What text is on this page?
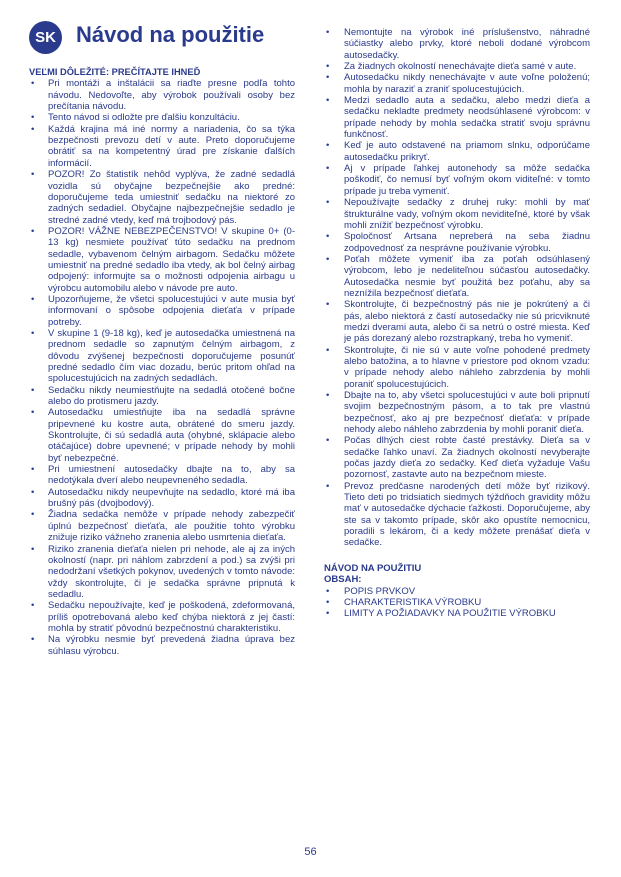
SK Návod na použitie

VEĽMI DÔLEŽITÉ: PREČÍTAJTE IHNEĎ

• Pri montáži a inštalácii sa riaďte presne podľa tohto návodu. Nedovoľte, aby výrobok používali osoby bez prečítania návodu.
• Tento návod si odložte pre ďalšiu konzultáciu.
• Každá krajina má iné normy a nariadenia, čo sa týka bezpečnosti prevozu detí v aute. Preto doporučujeme obrátiť sa na kompetentný úrad pre získanie ďalších informácií.
• POZOR! Zo štatistík nehôd vyplýva, že zadné sedadlá vozidla sú obyčajne bezpečnejšie ako predné: doporučujeme teda umiestniť sedačku na niektoré zo zadných sedadiel. Obyčajne najbezpečnejšie sedadlo je stredné zadné vtedy, keď má trojbodový pás.
• POZOR! VÁŽNE NEBEZPEČENSTVO! V skupine 0+ (0-13 kg) nesmiete používať túto sedačku na prednom sedadle, vybavenom čelným airbagom. Sedačku môžete umiestniť na predné sedadlo iba vtedy, ak bol čelný airbag odpojený: informujte sa o možnosti odpojenia airbagu u výrobcu automobilu alebo v návode pre auto.
• Upozorňujeme, že všetci spolucestujúci v aute musia byť informovaní o spôsobe odpojenia dieťaťa v prípade potreby.
• V skupine 1 (9-18 kg), keď je autosedačka umiestnená na prednom sedadle so zapnutým čelným airbagom, z dôvodu zvýšenej bezpečnosti doporučujeme posunúť predné sedadlo čím viac dozadu, berúc pritom ohľad na spolucestujúcich na zadných sedadlách.
• Sedačku nikdy neumiestňujte na sedadlá otočené bočne alebo do protismeru jazdy.
• Autosedačku umiestňujte iba na sedadlá správne pripevnené ku kostre auta, obrátené do smeru jazdy. Skontrolujte, či sú sedadlá auta (ohybné, sklápacie alebo otáčajúce) dobre upevnené; v prípade nehody by mohli byť nebezpečné.
• Pri umiestnení autosedačky dbajte na to, aby sa nedotýkala dverí alebo neupevneného sedadla.
• Autosedačku nikdy neupevňujte na sedadlo, ktoré má iba brušný pás (dvojbodový).
• Žiadna sedačka nemôže v prípade nehody zabezpečiť úplnú bezpečnosť dieťaťa, ale použitie tohto výrobku znižuje riziko vážneho zranenia alebo usmrtenia dieťaťa.
• Riziko zranenia dieťaťa nielen pri nehode, ale aj za iných okolností (napr. pri náhlom zabrzdení a pod.) sa zvýši pri nedodržaní všetkých pokynov, uvedených v tomto návode: vždy skontrolujte, či je sedačka správne pripnutá k sedadlu.
• Sedačku nepoužívajte, keď je poškodená, zdeformovaná, príliš opotrebovaná alebo keď chýba niektorá z jej častí: mohla by stratiť pôvodnú bezpečnostnú charakteristiku.
• Na výrobku nesmie byť prevedená žiadna úprava bez súhlasu výrobcu.
• Nemontujte na výrobok iné príslušenstvo, náhradné súčiastky alebo prvky, ktoré neboli dodané výrobcom autosedačky.
• Za žiadnych okolností nenechávajte dieťa samé v aute.
• Autosedačku nikdy nenechávajte v aute voľne položenú; mohla by naraziť a zraniť spolucestujúcich.
• Medzi sedadlo auta a sedačku, alebo medzi dieťa a sedačku nekladte predmety neodsúhlasené výrobcom: v prípade nehody by mohla sedačka stratiť svoju správnu funkčnosť.
• Keď je auto odstavené na priamom slnku, odporúčame autosedačku prikryť.
• Aj v prípade ľahkej autonehody sa môže sedačka poškodiť, čo nemusí byť voľným okom viditeľné: v tomto prípade ju treba vymeniť.
• Nepoužívajte sedačky z druhej ruky: mohli by mať štrukturálne vady, voľným okom neviditeľné, ktoré by však mohli znížiť bezpečnosť výrobku.
• Spoločnosť Artsana nepreberá na seba žiadnu zodpovednosť za nesprávne používanie výrobku.
• Poťah môžete vymeniť iba za poťah odsúhlasený výrobcom, lebo je nedeliteľnou súčasťou autosedačky. Autosedačka nesmie byť použitá bez poťahu, aby sa neznížila bezpečnosť dieťaťa.
• Skontrolujte, či bezpečnostný pás nie je pokrútený a či pás, alebo niektorá z častí autosedačky nie sú pricviknuté medzi dverami auta, alebo či sa netrú o ostré miesta. Keď je pás dorezaný alebo rozstrapkaný, treba ho vymeniť.
• Skontrolujte, či nie sú v aute voľne pohodené predmety alebo batožina, a to hlavne v priestore pod oknom vzadu: v prípade nehody alebo náhleho zabrzdenia by mohli poraniť spolucestujúcich.
• Dbajte na to, aby všetci spolucestujúci v aute boli pripnutí svojim bezpečnostným pásom, a to tak pre vlastnú bezpečnosť, ako aj pre bezpečnosť dieťaťa: v prípade nehody alebo náhleho zabrzdenia by mohli poraniť dieťa.
• Počas dlhých ciest robte časté prestávky. Dieťa sa v sedačke ľahko unaví. Za žiadnych okolností nevyberajte počas jazdy dieťa zo sedačky. Keď dieťa vyžaduje Vašu pozornosť, zastavte auto na bezpečnom mieste.
• Prevoz predčasne narodených detí môže byť rizikový. Tieto deti po tridsiatich siedmych týždňoch gravidity môžu mať v autosedačke dýchacie ťažkosti. Doporučujeme, aby ste sa v takomto prípade, skôr ako opustíte nemocnicu, poradili s lekárom, či a kedy môžete prenášať dieťa v sedačke.

NÁVOD NA POUŽITIU

OBSAH:

• POPIS PRVKOV
• CHARAKTERISTIKA VÝROBKU
• LIMITY A POŽIADAVKY NA POUŽITIE VÝROBKU
56
